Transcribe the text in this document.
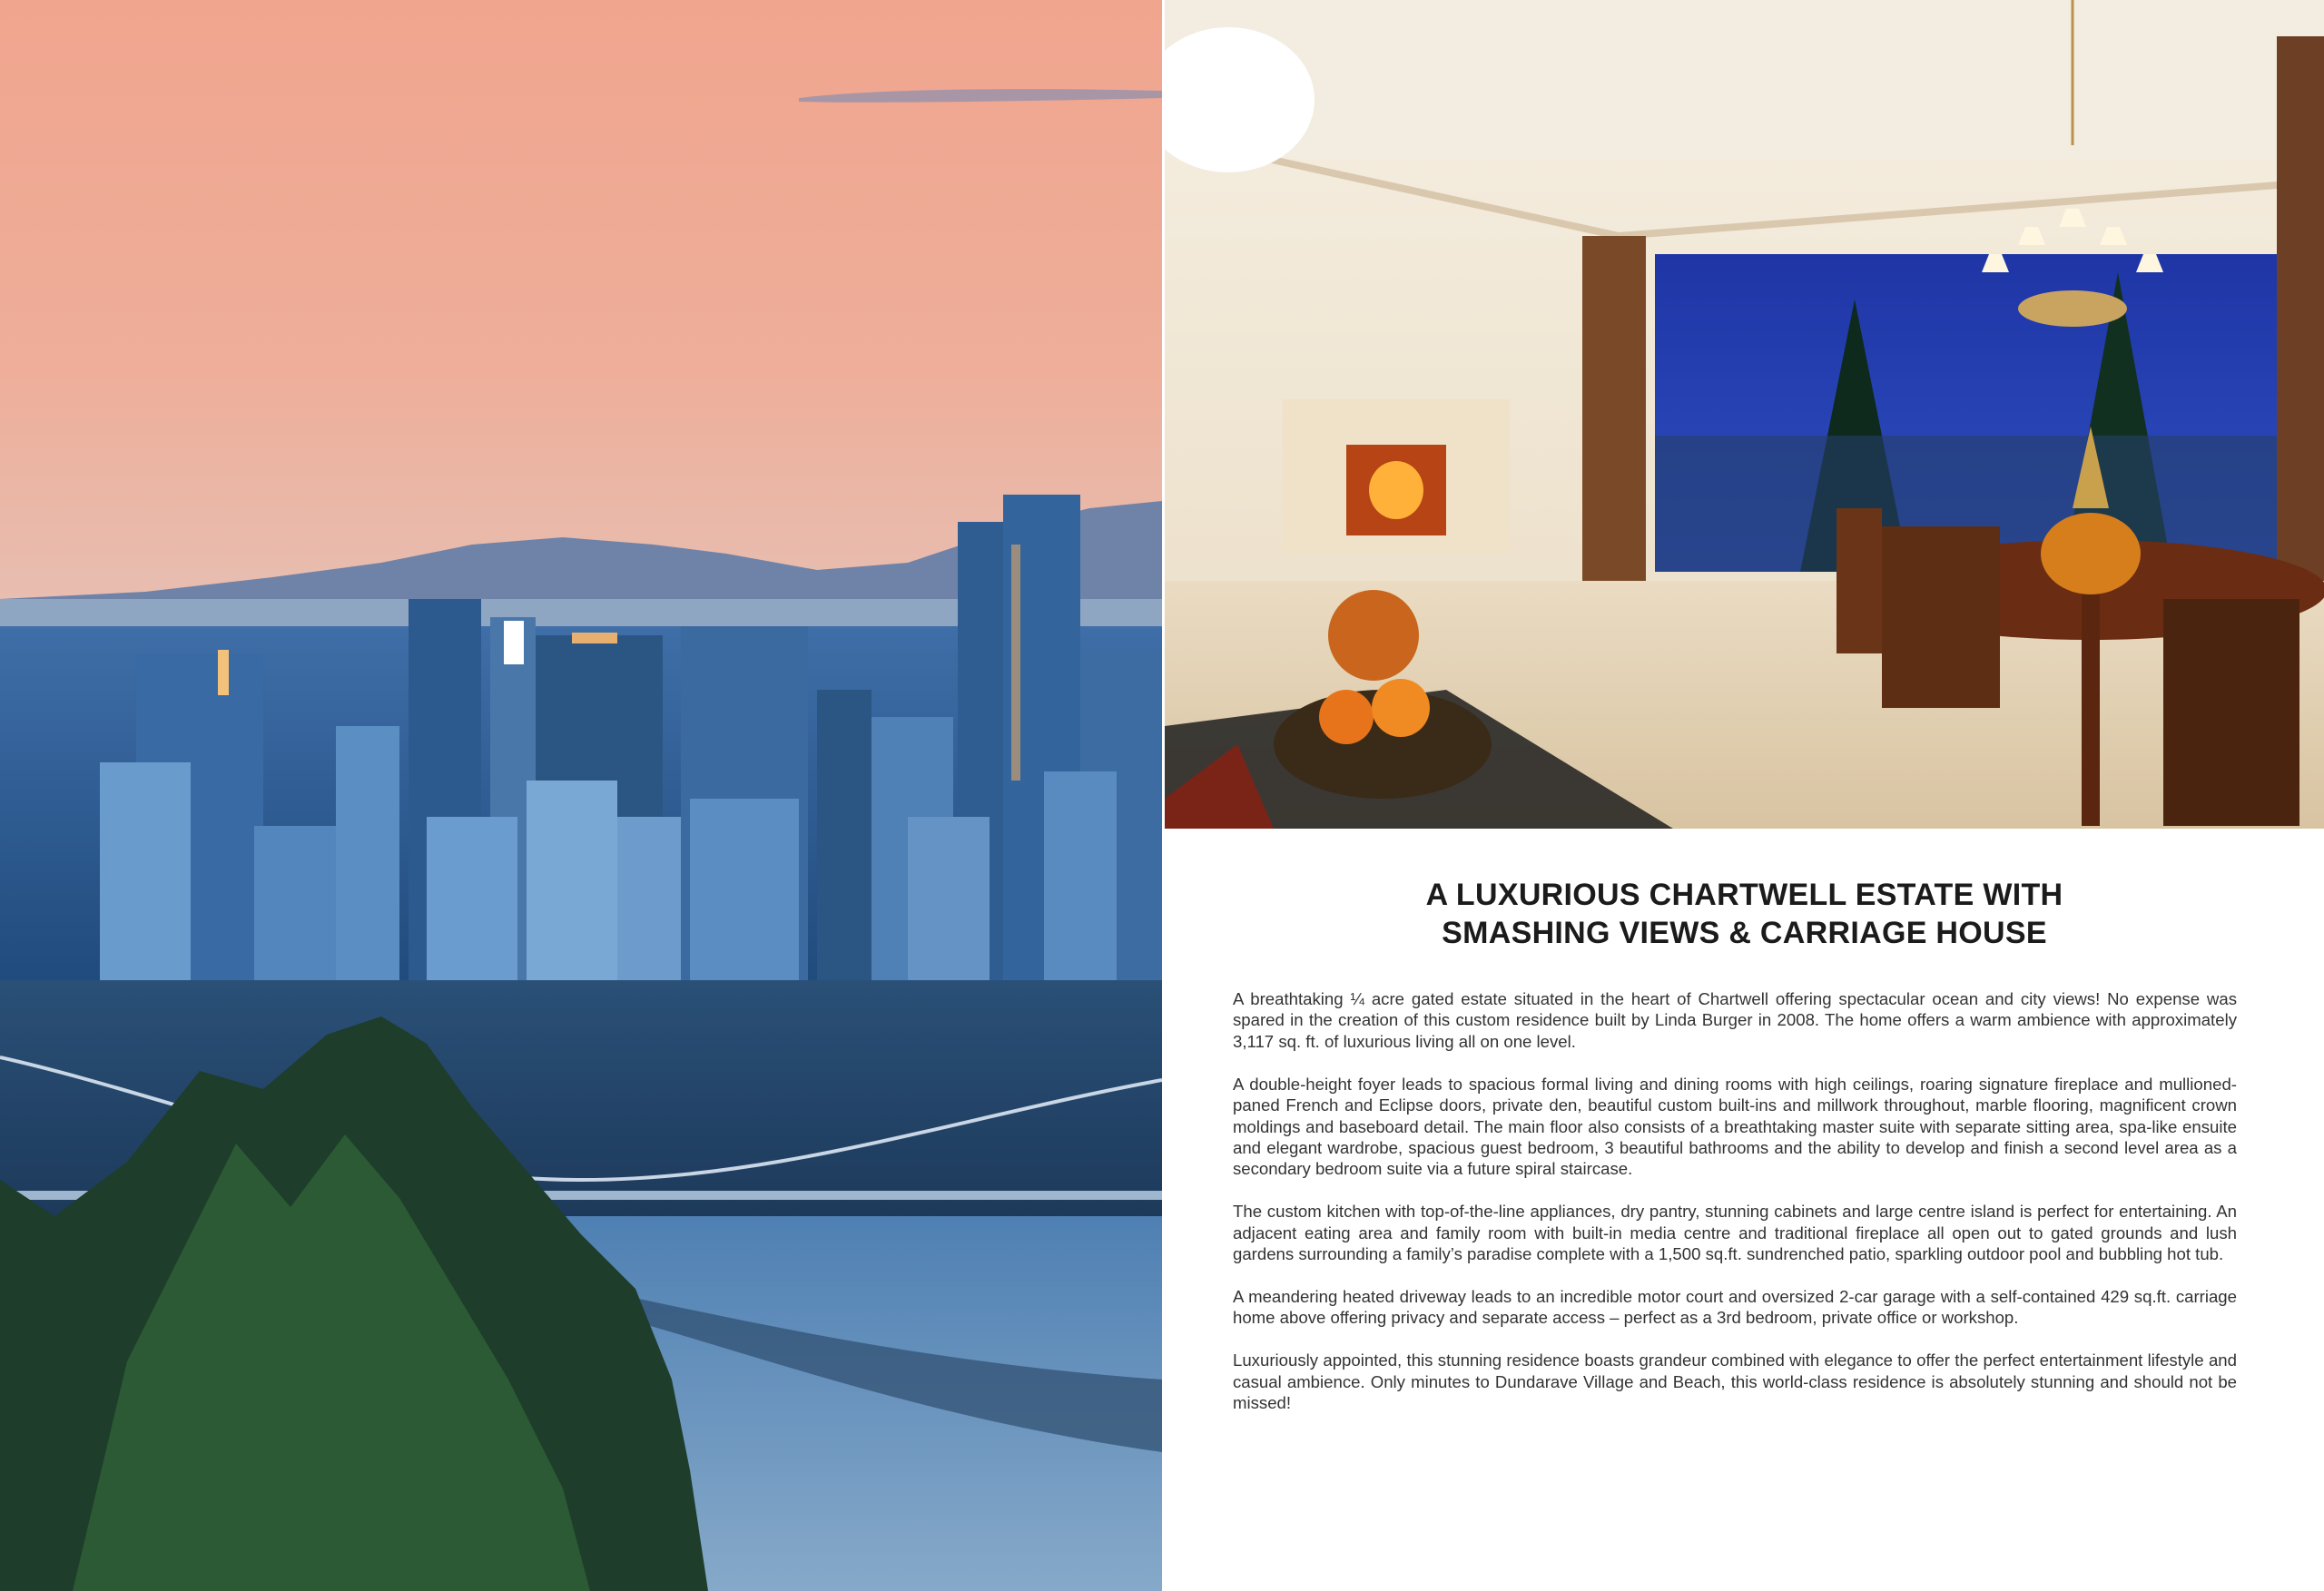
A LUXURIOUS CHARTWELL ESTATE WITH
SMASHING VIEWS & CARRIAGE HOUSE

A breathtaking ¼ acre gated estate situated in the heart of Chartwell offering spectacular ocean and city views! No expense was spared in the creation of this custom residence built by Linda Burger in 2008. The home offers a warm ambience with approximately 3,117 sq. ft. of luxurious living all on one level.

A double-height foyer leads to spacious formal living and dining rooms with high ceilings, roaring signature fireplace and mullioned-paned French and Eclipse doors, private den, beautiful custom built-ins and millwork throughout, marble flooring, magnificent crown moldings and baseboard detail. The main floor also consists of a breathtaking master suite with separate sitting area, spa-like ensuite and elegant wardrobe, spacious guest bedroom, 3 beautiful bathrooms and the ability to develop and finish a second level area as a secondary bedroom suite via a future spiral staircase.

The custom kitchen with top-of-the-line appliances, dry pantry, stunning cabinets and large centre island is perfect for entertaining. An adjacent eating area and family room with built-in media centre and traditional fireplace all open out to gated grounds and lush gardens surrounding a family’s paradise complete with a 1,500 sq.ft. sundrenched patio, sparkling outdoor pool and bubbling hot tub.

A meandering heated driveway leads to an incredible motor court and oversized 2-car garage with a self-contained 429 sq.ft. carriage home above offering privacy and separate access – perfect as a 3rd bedroom, private office or workshop.

Luxuriously appointed, this stunning residence boasts grandeur combined with elegance to offer the perfect entertainment lifestyle and casual ambience. Only minutes to Dundarave Village and Beach, this world-class residence is absolutely stunning and should not be missed!
